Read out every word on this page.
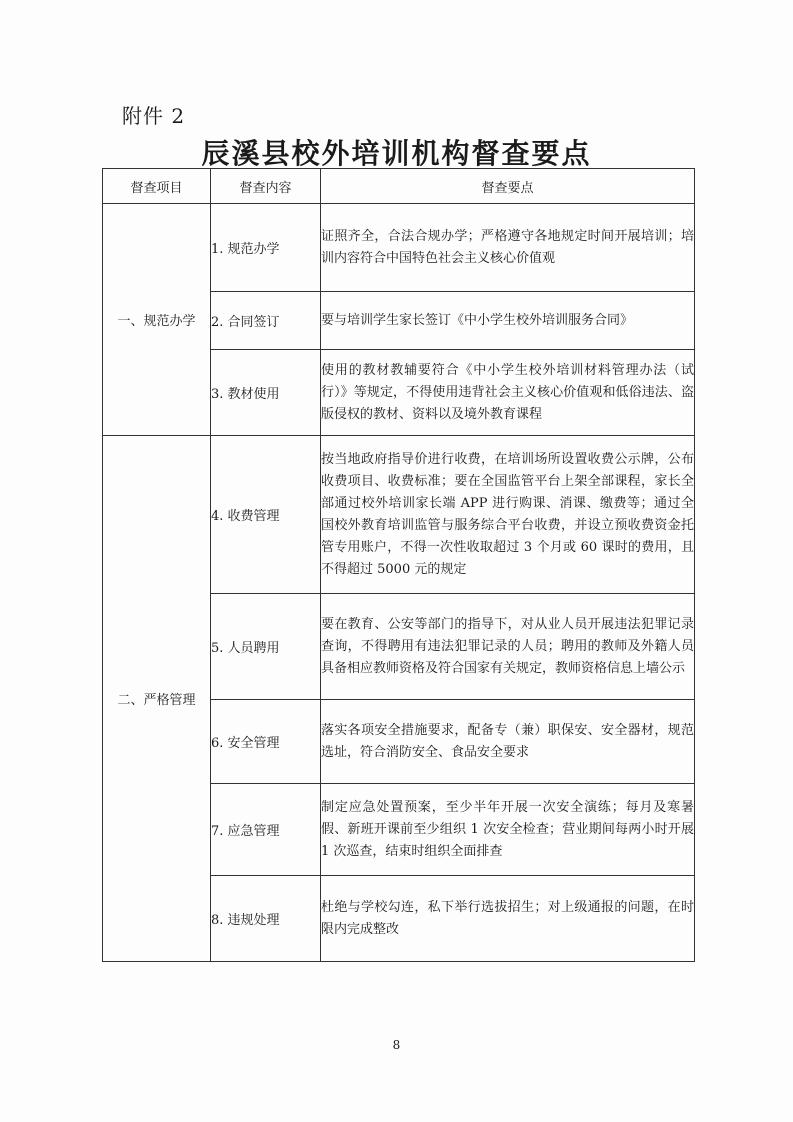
附件 2
辰溪县校外培训机构督查要点
督查项目	督查内容	督查要点
一、规范办学	1. 规范办学	证照齐全，合法合规办学；严格遵守各地规定时间开展培训；培训内容符合中国特色社会主义核心价值观
	2. 合同签订	要与培训学生家长签订《中小学生校外培训服务合同》
	3. 教材使用	使用的教材教辅要符合《中小学生校外培训材料管理办法（试行）》等规定，不得使用违背社会主义核心价值观和低俗违法、盗版侵权的教材、资料以及境外教育课程
二、严格管理	4. 收费管理	按当地政府指导价进行收费，在培训场所设置收费公示牌，公布收费项目、收费标准；要在全国监管平台上架全部课程，家长全部通过校外培训家长端 APP 进行购课、消课、缴费等；通过全国校外教育培训监管与服务综合平台收费，并设立预收费资金托管专用账户，不得一次性收取超过 3 个月或 60 课时的费用，且不得超过 5000 元的规定
	5. 人员聘用	要在教育、公安等部门的指导下，对从业人员开展违法犯罪记录查询，不得聘用有违法犯罪记录的人员；聘用的教师及外籍人员具备相应教师资格及符合国家有关规定，教师资格信息上墙公示
	6. 安全管理	落实各项安全措施要求，配备专（兼）职保安、安全器材，规范选址，符合消防安全、食品安全要求
	7. 应急管理	制定应急处置预案，至少半年开展一次安全演练；每月及寒暑假、新班开课前至少组织 1 次安全检查；营业期间每两小时开展 1 次巡查，结束时组织全面排查
	8. 违规处理	杜绝与学校勾连，私下举行选拔招生；对上级通报的问题，在时限内完成整改
8
